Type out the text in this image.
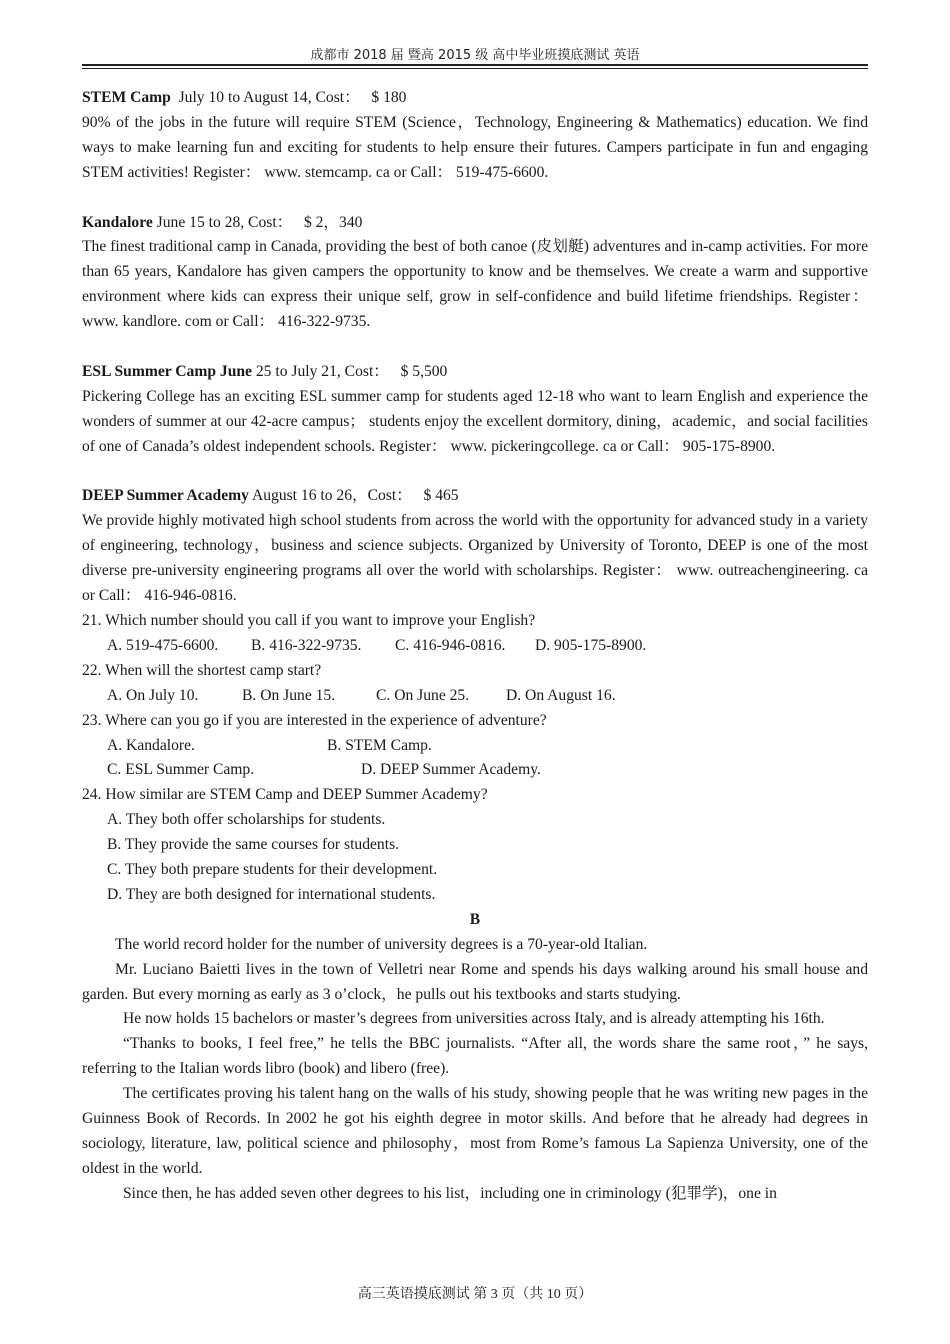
成都市 2018 届 暨高 2015 级 高中毕业班摸底测试 英语

STEM Camp  July 10 to August 14, Cost：   $ 180

90% of the jobs in the future will require STEM (Science，Technology, Engineering & Mathematics) education. We find ways to make learning fun and exciting for students to help ensure their futures. Campers participate in fun and engaging STEM activities! Register： www. stemcamp. ca or Call： 519-475-6600.

Kandalore June 15 to 28, Cost：   $ 2，340

The finest traditional camp in Canada, providing the best of both canoe (皮划艇) adventures and in-camp activities. For more than 65 years, Kandalore has given campers the opportunity to know and be themselves. We create a warm and supportive environment where kids can express their unique self, grow in self-confidence and build lifetime friendships. Register： www. kandlore. com or Call： 416-322-9735.

ESL Summer Camp June 25 to July 21, Cost：   $ 5,500

Pickering College has an exciting ESL summer camp for students aged 12-18 who want to learn English and experience the wonders of summer at our 42-acre campus； students enjoy the excellent dormitory, dining，academic，and social facilities of one of Canada’s oldest independent schools. Register： www. pickeringcollege. ca or Call： 905-175-8900.

DEEP Summer Academy August 16 to 26，Cost：   $ 465

We provide highly motivated high school students from across the world with the opportunity for advanced study in a variety of engineering, technology，business and science subjects. Organized by University of Toronto, DEEP is one of the most diverse pre-university engineering programs all over the world with scholarships. Register： www. outreachengineering. ca or Call： 416-946-0816.

21. Which number should you call if you want to improve your English?

A. 519-475-6600. B. 416-322-9735. C. 416-946-0816. D. 905-175-8900.

22. When will the shortest camp start?

A. On July 10.	B. On June 15.	C. On June 25. D. On August 16.

23. Where can you go if you are interested in the experience of adventure?

A. Kandalore.	B. STEM Camp.

C. ESL Summer Camp.	D. DEEP Summer Academy.

24. How similar are STEM Camp and DEEP Summer Academy?

A. They both offer scholarships for students.

B. They provide the same courses for students.

C. They both prepare students for their development.

D. They are both designed for international students.

B

The world record holder for the number of university degrees is a 70-year-old Italian.

Mr. Luciano Baietti lives in the town of Velletri near Rome and spends his days walking around his small house and garden. But every morning as early as 3 o’clock，he pulls out his textbooks and starts studying.

He now holds 15 bachelors or master’s degrees from universities across Italy, and is already attempting his 16th.

“Thanks to books, I feel free,” he tells the BBC journalists. “After all, the words share the same root，” he says, referring to the Italian words libro (book) and libero (free).

The certificates proving his talent hang on the walls of his study, showing people that he was writing new pages in the Guinness Book of Records. In 2002 he got his eighth degree in motor skills. And before that he already had degrees in sociology, literature, law, political science and philosophy，most from Rome’s famous La Sapienza University, one of the oldest in the world.

Since then, he has added seven other degrees to his list，including one in criminology (犯罪学)，one in

高三英语摸底测试 第 3 页（共 10 页）
